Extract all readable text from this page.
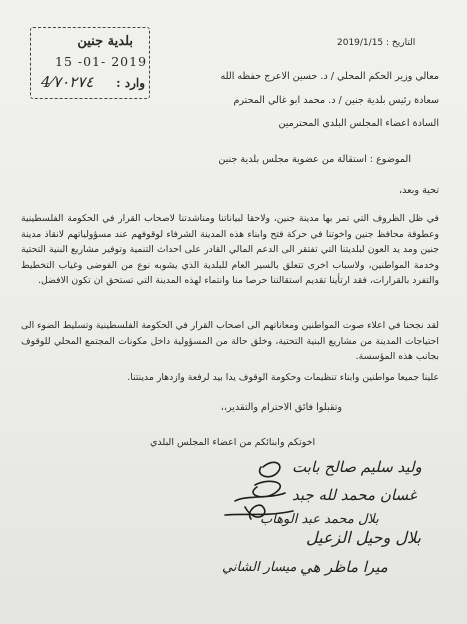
بلدية جنين
15 -01- 2019
وارد :
4⁄٧٠٢٧٤
التاريخ : 2019/1/15
معالي وزير الحكم المحلي / د. حسين الاعرج حفظه الله
سعادة رئيس بلدية جنين / د. محمد ابو غالي المحترم
السادة اعضاء المجلس البلدي المحترمين
الموضوع : استقالة من عضوية مجلس بلدية جنين
تحية وبعد،
في ظل الظروف التي تمر بها مدينة جنين، ولاحقا لبياناتنا ومناشدتنا لاصحاب القرار في الحكومة الفلسطينية وعطوفة محافظ جنين واخوتنا في حركة فتح وابناء هذه المدينة الشرفاء لوقوفهم عند مسؤولياتهم لانقاذ مدينة جنين ومد يد العون لبلديتنا التي تفتقر الى الدعم المالي القادر على احداث التنمية وتوفير مشاريع البنية التحتية وخدمة المواطنين، ولاسباب اخرى تتعلق بالسير العام للبلدية الذي يشوبه نوع من الفوضى وغياب التخطيط والتفرد بالقرارات، فقد ارتأينا تقديم استقالتنا حرصا منا وانتماء لهذه المدينة التي تستحق ان تكون الافضل.
لقد نجحنا في اعلاء صوت المواطنين ومعاناتهم الى اصحاب القرار في الحكومة الفلسطينية وتسليط الضوء الى احتياجات المدينة من مشاريع البنية التحتية، وخلق حالة من المسؤولية داخل مكونات المجتمع المحلي للوقوف بجانب هذه المؤسسة.
علينا جميعا مواطنين وابناء تنظيمات وحكومة الوقوف يدا بيد لرفعة وازدهار مدينتنا.
وتقبلوا فائق الاحترام والتقدير،،
اخوتكم وابنائكم من اعضاء المجلس البلدي
وليد سليم صالح بابت
غسان محمد لله جبد
بلال محمد عبد الوهاب
بلال وحيل الزعيل
ميرا ماظر هي
ميسار الشاني
